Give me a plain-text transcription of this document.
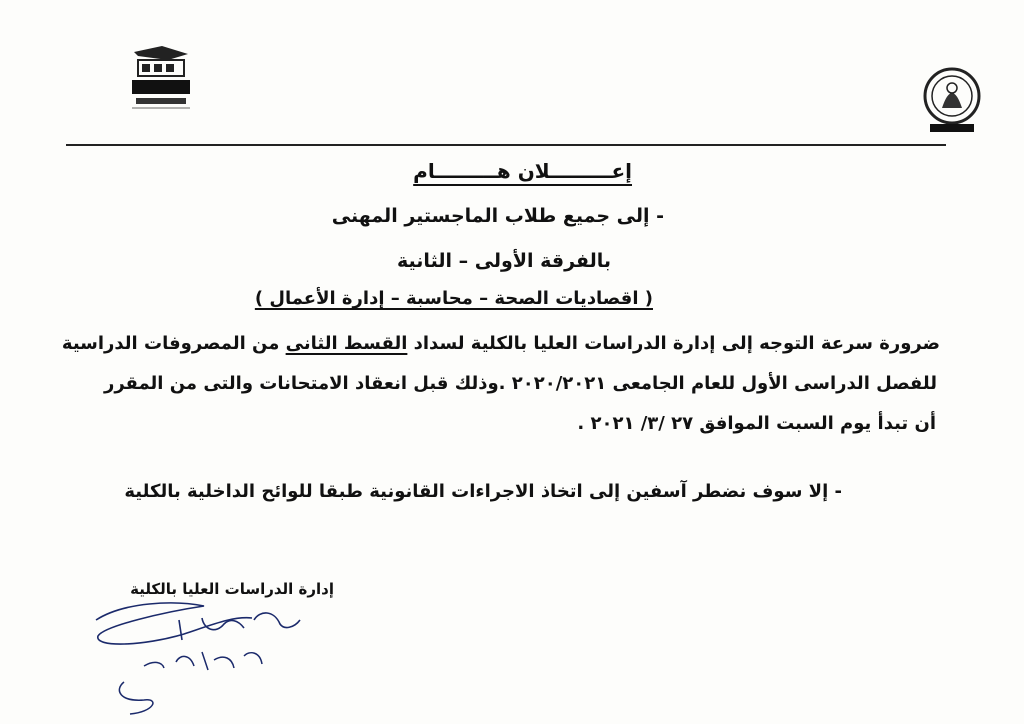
إعـــــــــلان هـــــــــام
- إلى جميع طلاب الماجستير المهنى
بالفرقة الأولى – الثانية
( اقصاديات الصحة – محاسبة – إدارة الأعمال )
ضرورة سرعة التوجه إلى إدارة الدراسات العليا بالكلية لسداد القسط الثانى من المصروفات الدراسية
للفصل الدراسى الأول للعام الجامعى ٢٠٢٠/٢٠٢١ .وذلك قبل انعقاد الامتحانات والتى من المقرر
أن تبدأ يوم السبت الموافق ٢٧ /٣/ ٢٠٢١ .
- إلا سوف نضطر آسفين إلى اتخاذ الاجراءات القانونية طبقا للوائح الداخلية بالكلية
إدارة الدراسات العليا بالكلية
